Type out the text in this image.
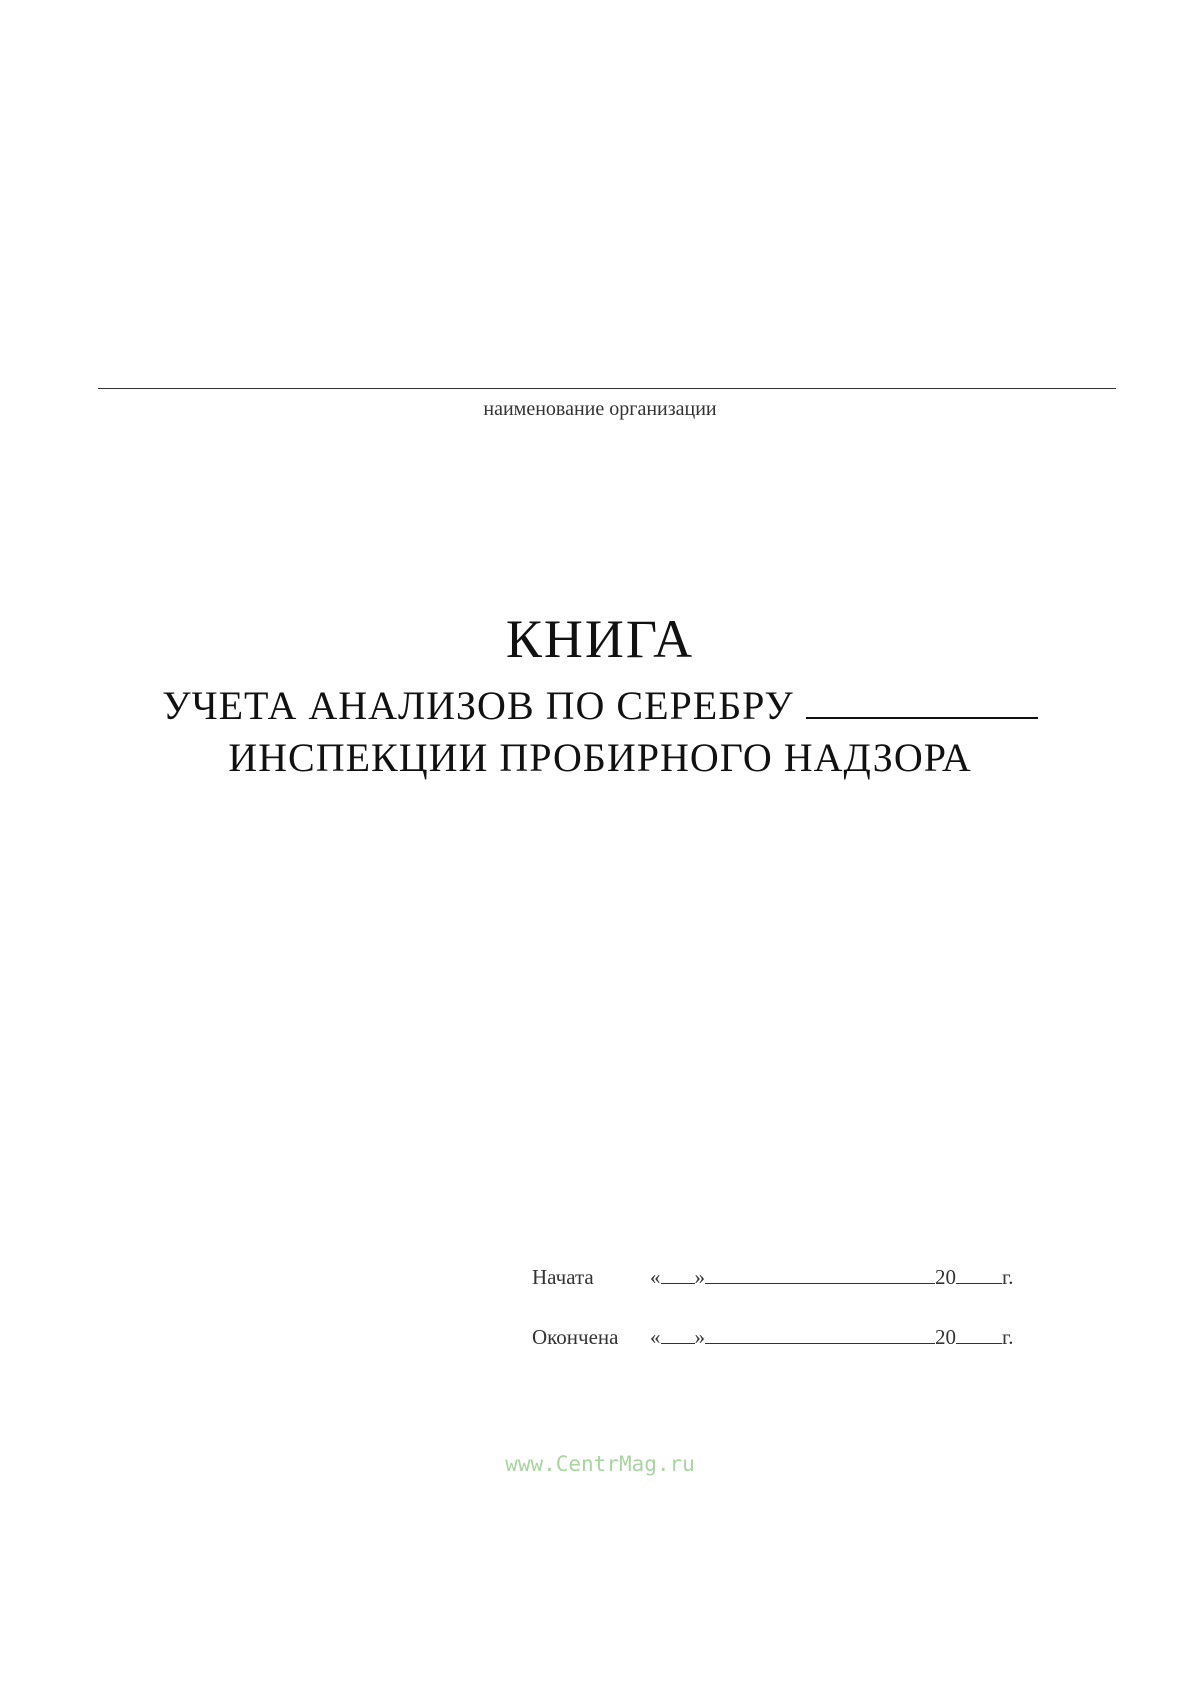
наименование организации
КНИГА
УЧЕТА АНАЛИЗОВ ПО СЕРЕБРУ
ИНСПЕКЦИИ ПРОБИРНОГО НАДЗОРА
Начата	« »	20 г.
Окончена « »	20 г.
www.CentrMag.ru
